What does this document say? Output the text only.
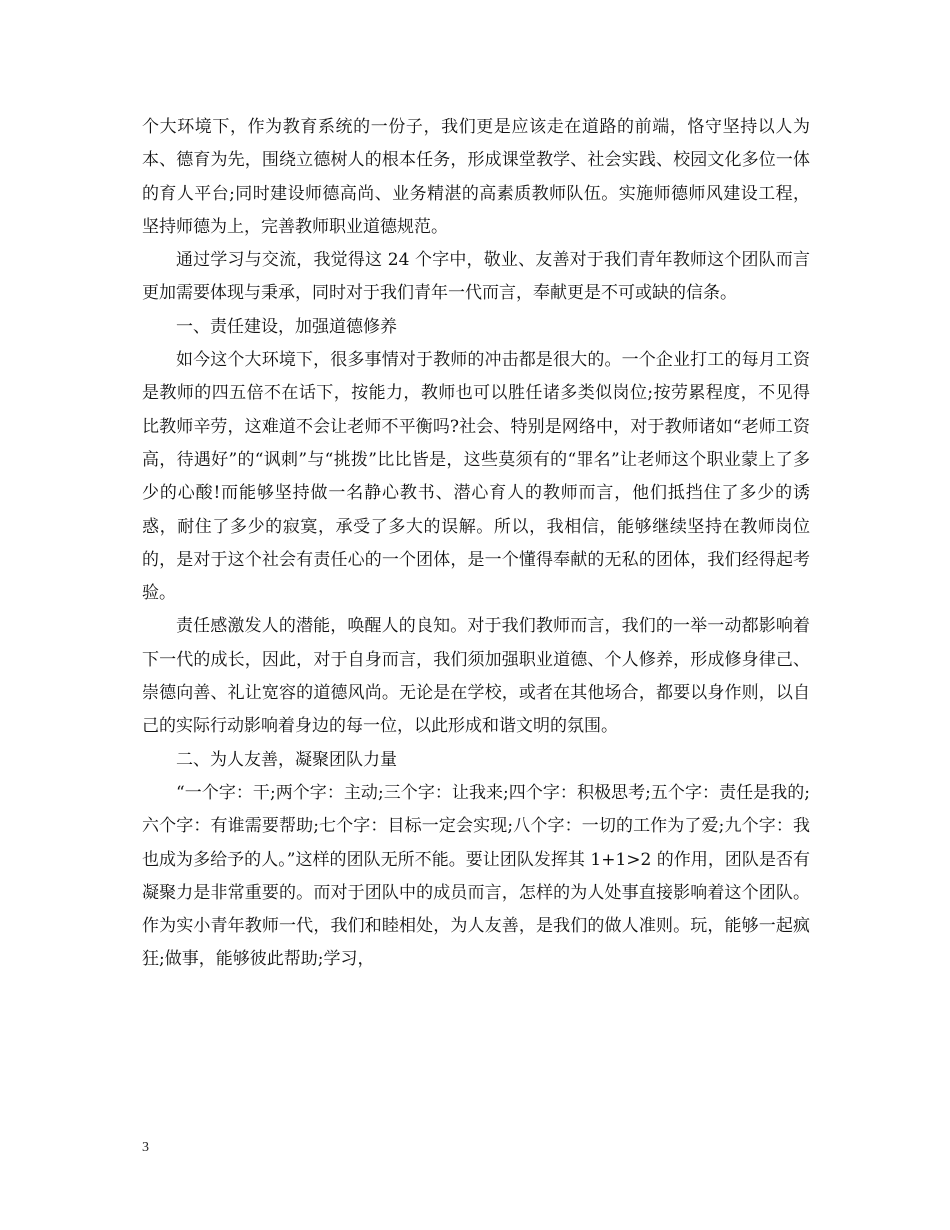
个大环境下，作为教育系统的一份子，我们更是应该走在道路的前端，恪守坚持以人为本、德育为先，围绕立德树人的根本任务，形成课堂教学、社会实践、校园文化多位一体的育人平台;同时建设师德高尚、业务精湛的高素质教师队伍。实施师德师风建设工程，坚持师德为上，完善教师职业道德规范。

通过学习与交流，我觉得这 24 个字中，敬业、友善对于我们青年教师这个团队而言更加需要体现与秉承，同时对于我们青年一代而言，奉献更是不可或缺的信条。

一、责任建设，加强道德修养

如今这个大环境下，很多事情对于教师的冲击都是很大的。一个企业打工的每月工资是教师的四五倍不在话下，按能力，教师也可以胜任诸多类似岗位;按劳累程度，不见得比教师辛劳，这难道不会让老师不平衡吗?社会、特别是网络中，对于教师诸如“老师工资高，待遇好”的“讽刺”与“挑拨”比比皆是，这些莫须有的“罪名”让老师这个职业蒙上了多少的心酸!而能够坚持做一名静心教书、潜心育人的教师而言，他们抵挡住了多少的诱惑，耐住了多少的寂寞，承受了多大的误解。所以，我相信，能够继续坚持在教师岗位的，是对于这个社会有责任心的一个团体，是一个懂得奉献的无私的团体，我们经得起考验。

责任感激发人的潜能，唤醒人的良知。对于我们教师而言，我们的一举一动都影响着下一代的成长，因此，对于自身而言，我们须加强职业道德、个人修养，形成修身律己、崇德向善、礼让宽容的道德风尚。无论是在学校，或者在其他场合，都要以身作则，以自己的实际行动影响着身边的每一位，以此形成和谐文明的氛围。

二、为人友善，凝聚团队力量

“一个字：干;两个字：主动;三个字：让我来;四个字：积极思考;五个字：责任是我的;六个字：有谁需要帮助;七个字：目标一定会实现;八个字：一切的工作为了爱;九个字：我也成为多给予的人。”这样的团队无所不能。要让团队发挥其 1+1>2 的作用，团队是否有凝聚力是非常重要的。而对于团队中的成员而言，怎样的为人处事直接影响着这个团队。作为实小青年教师一代，我们和睦相处，为人友善，是我们的做人准则。玩，能够一起疯狂;做事，能够彼此帮助;学习，

3
